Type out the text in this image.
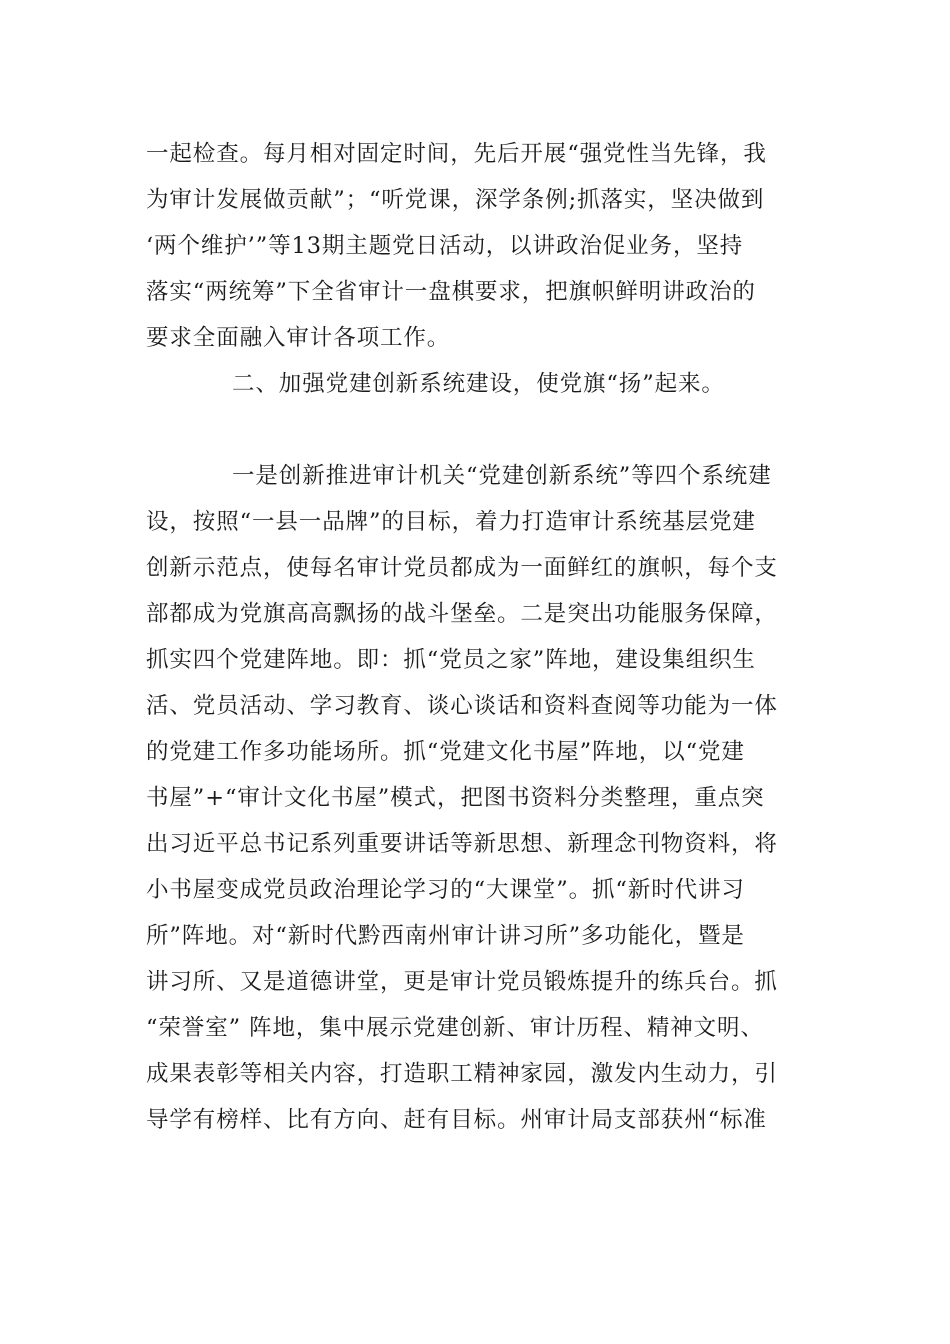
一起检查。每月相对固定时间，先后开展“强党性当先锋，我
为审计发展做贡献”；“听党课，深学条例;抓落实，坚决做到
‘两个维护’”等13期主题党日活动，以讲政治促业务，坚持
落实“两统筹”下全省审计一盘棋要求，把旗帜鲜明讲政治的
要求全面融入审计各项工作。
二、加强党建创新系统建设，使党旗“扬”起来。
一是创新推进审计机关“党建创新系统”等四个系统建
设，按照“一县一品牌”的目标，着力打造审计系统基层党建
创新示范点，使每名审计党员都成为一面鲜红的旗帜，每个支
部都成为党旗高高飘扬的战斗堡垒。二是突出功能服务保障，
抓实四个党建阵地。即：抓“党员之家”阵地，建设集组织生
活、党员活动、学习教育、谈心谈话和资料查阅等功能为一体
的党建工作多功能场所。抓“党建文化书屋”阵地，以“党建
书屋”+“审计文化书屋”模式，把图书资料分类整理，重点突
出习近平总书记系列重要讲话等新思想、新理念刊物资料，将
小书屋变成党员政治理论学习的“大课堂”。抓“新时代讲习
所”阵地。对“新时代黔西南州审计讲习所”多功能化，暨是
讲习所、又是道德讲堂，更是审计党员锻炼提升的练兵台。抓
“荣誉室” 阵地，集中展示党建创新、审计历程、精神文明、
成果表彰等相关内容，打造职工精神家园，激发内生动力，引
导学有榜样、比有方向、赶有目标。州审计局支部获州“标准
